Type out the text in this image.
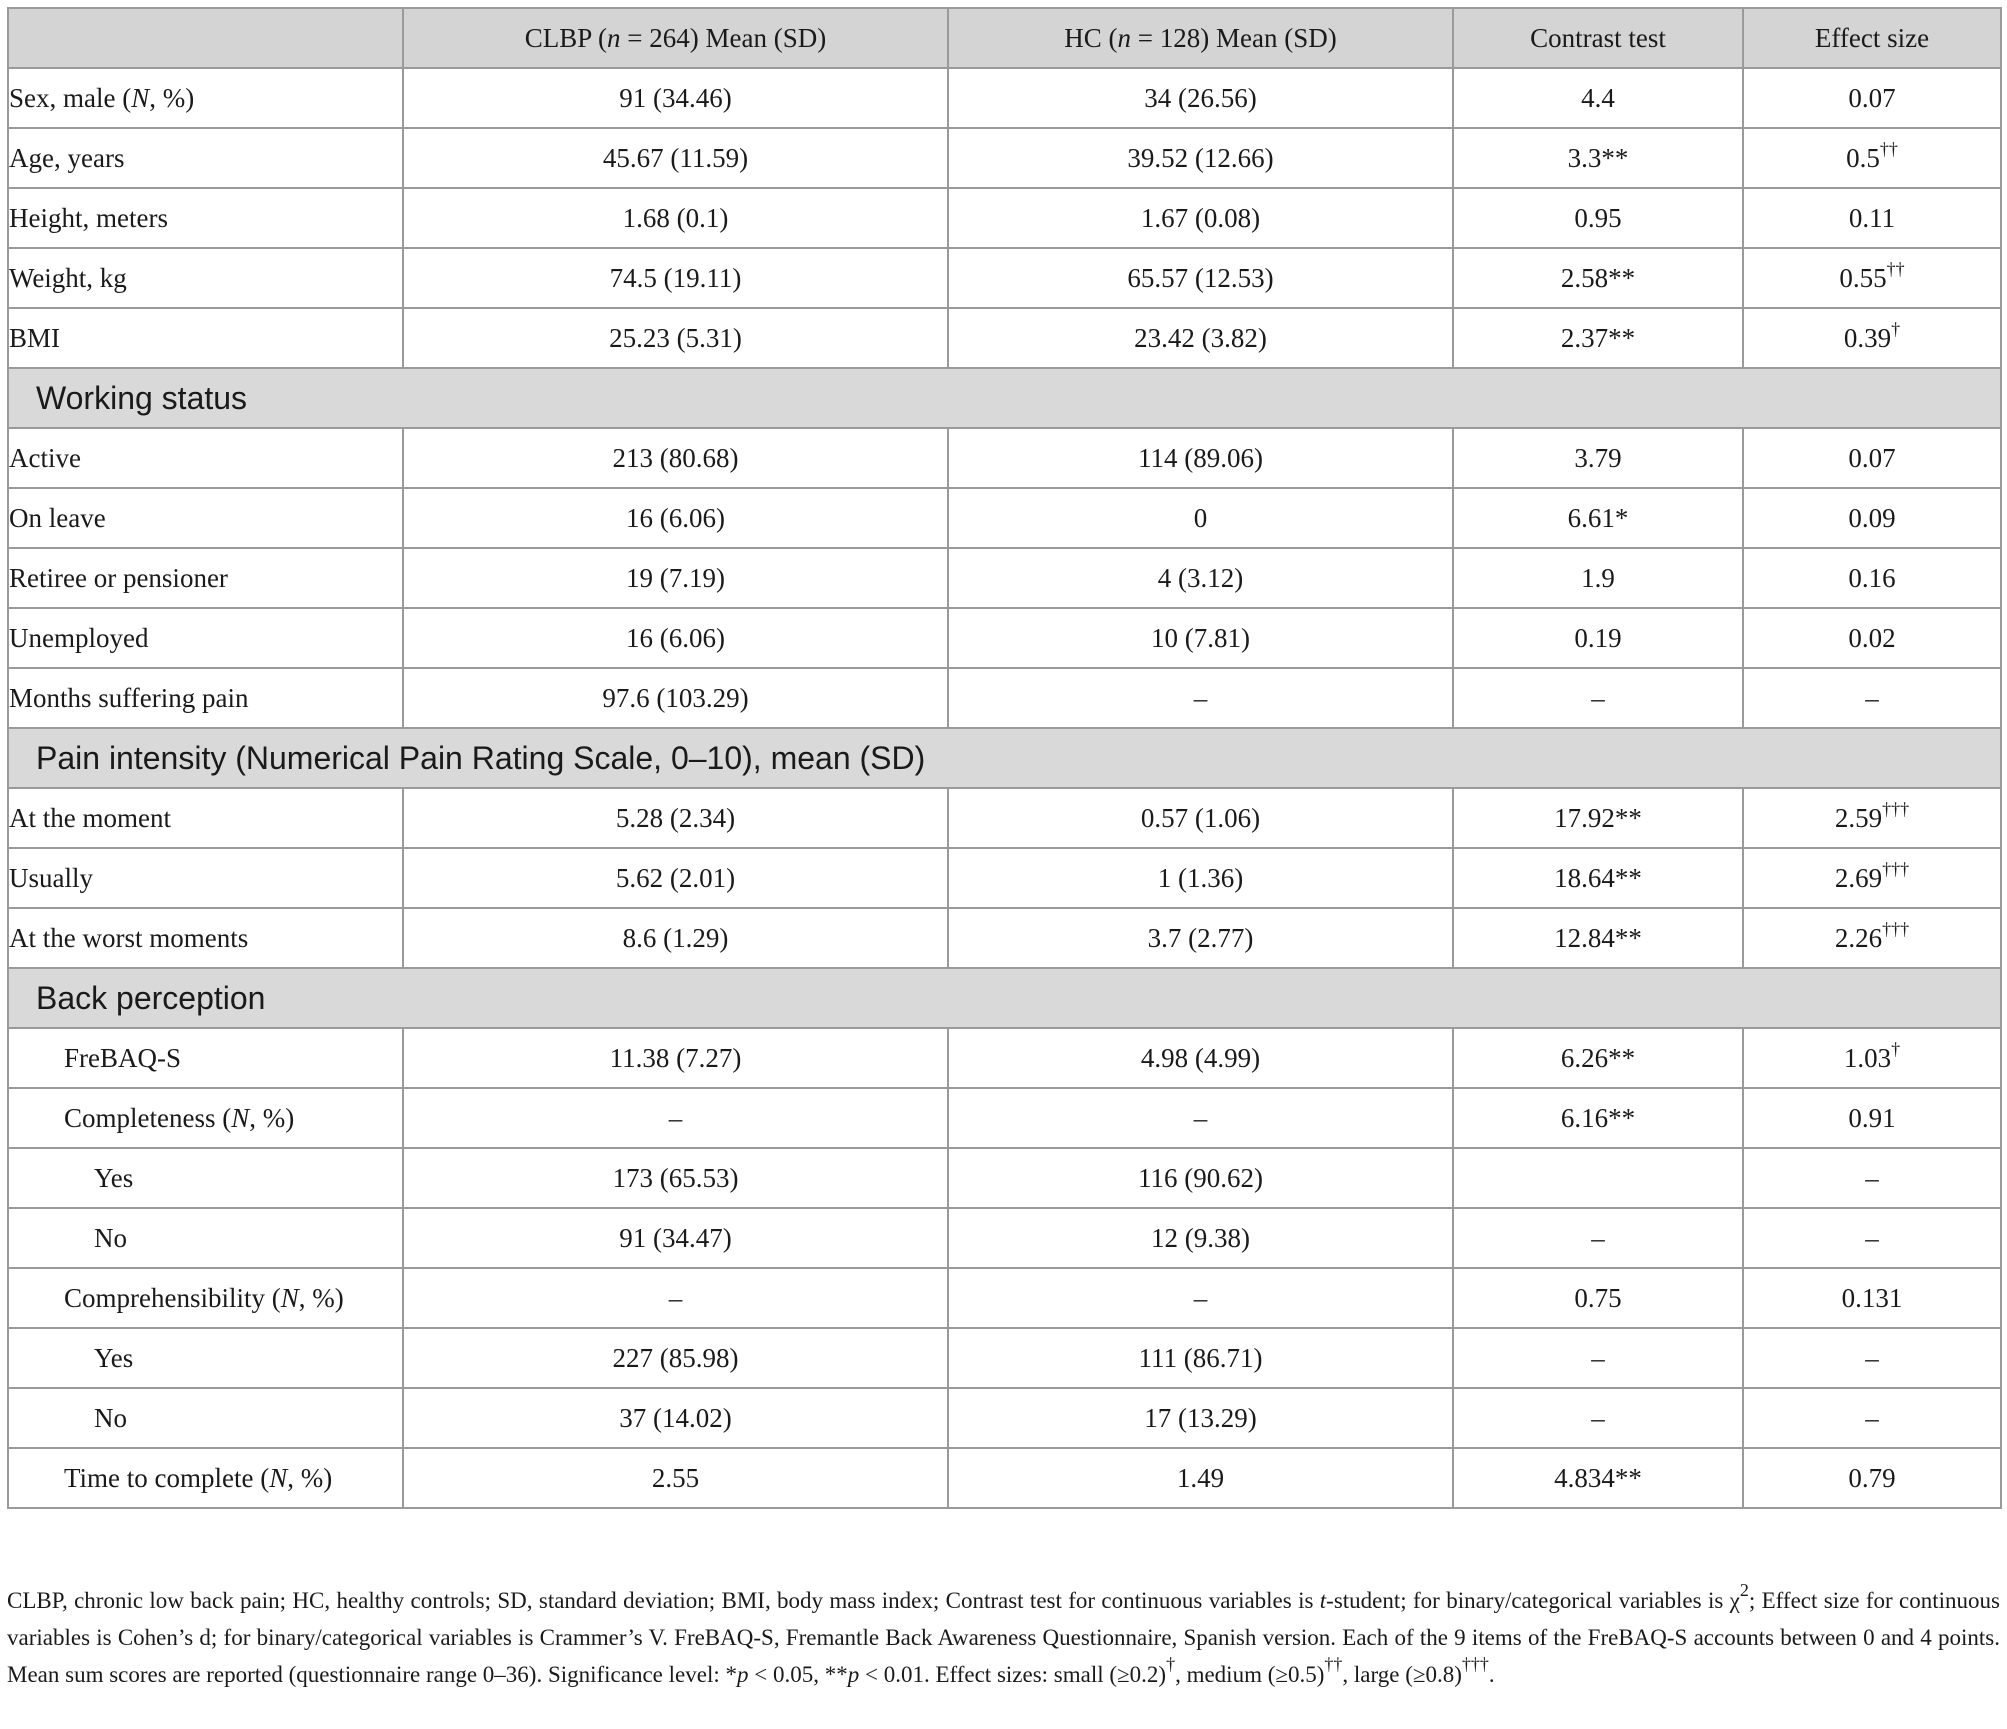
	CLBP (n = 264) Mean (SD)	HC (n = 128) Mean (SD)	Contrast test	Effect size
Sex, male (N, %)	91 (34.46)	34 (26.56)	4.4	0.07
Age, years	45.67 (11.59)	39.52 (12.66)	3.3**	0.5††
Height, meters	1.68 (0.1)	1.67 (0.08)	0.95	0.11
Weight, kg	74.5 (19.11)	65.57 (12.53)	2.58**	0.55††
BMI	25.23 (5.31)	23.42 (3.82)	2.37**	0.39†
Working status				
Active	213 (80.68)	114 (89.06)	3.79	0.07
On leave	16 (6.06)	0	6.61*	0.09
Retiree or pensioner	19 (7.19)	4 (3.12)	1.9	0.16
Unemployed	16 (6.06)	10 (7.81)	0.19	0.02
Months suffering pain	97.6 (103.29)	–	–	–
Pain intensity (Numerical Pain Rating Scale, 0–10), mean (SD)				
At the moment	5.28 (2.34)	0.57 (1.06)	17.92**	2.59†††
Usually	5.62 (2.01)	1 (1.36)	18.64**	2.69†††
At the worst moments	8.6 (1.29)	3.7 (2.77)	12.84**	2.26†††
Back perception				
FreBAQ-S	11.38 (7.27)	4.98 (4.99)	6.26**	1.03†
Completeness (N, %)	–	–	6.16**	0.91
Yes	173 (65.53)	116 (90.62)		–
No	91 (34.47)	12 (9.38)	–	–
Comprehensibility (N, %)	–	–	0.75	0.131
Yes	227 (85.98)	111 (86.71)	–	–
No	37 (14.02)	17 (13.29)	–	–
Time to complete (N, %)	2.55	1.49	4.834**	0.79

CLBP, chronic low back pain; HC, healthy controls; SD, standard deviation; BMI, body mass index; Contrast test for continuous variables is t-student; for binary/categorical variables is $\chi^2$; Effect size for continuous variables is Cohen’s d; for binary/categorical variables is Crammer’s V. FreBAQ-S, Fremantle Back Awareness Questionnaire, Spanish version. Each of the 9 items of the FreBAQ-S accounts between 0 and 4 points. Mean sum scores are reported (questionnaire range 0–36). Significance level: *p < 0.05, **p < 0.01. Effect sizes: small (≥0.2)†, medium (≥0.5)††, large (≥0.8)†††.
